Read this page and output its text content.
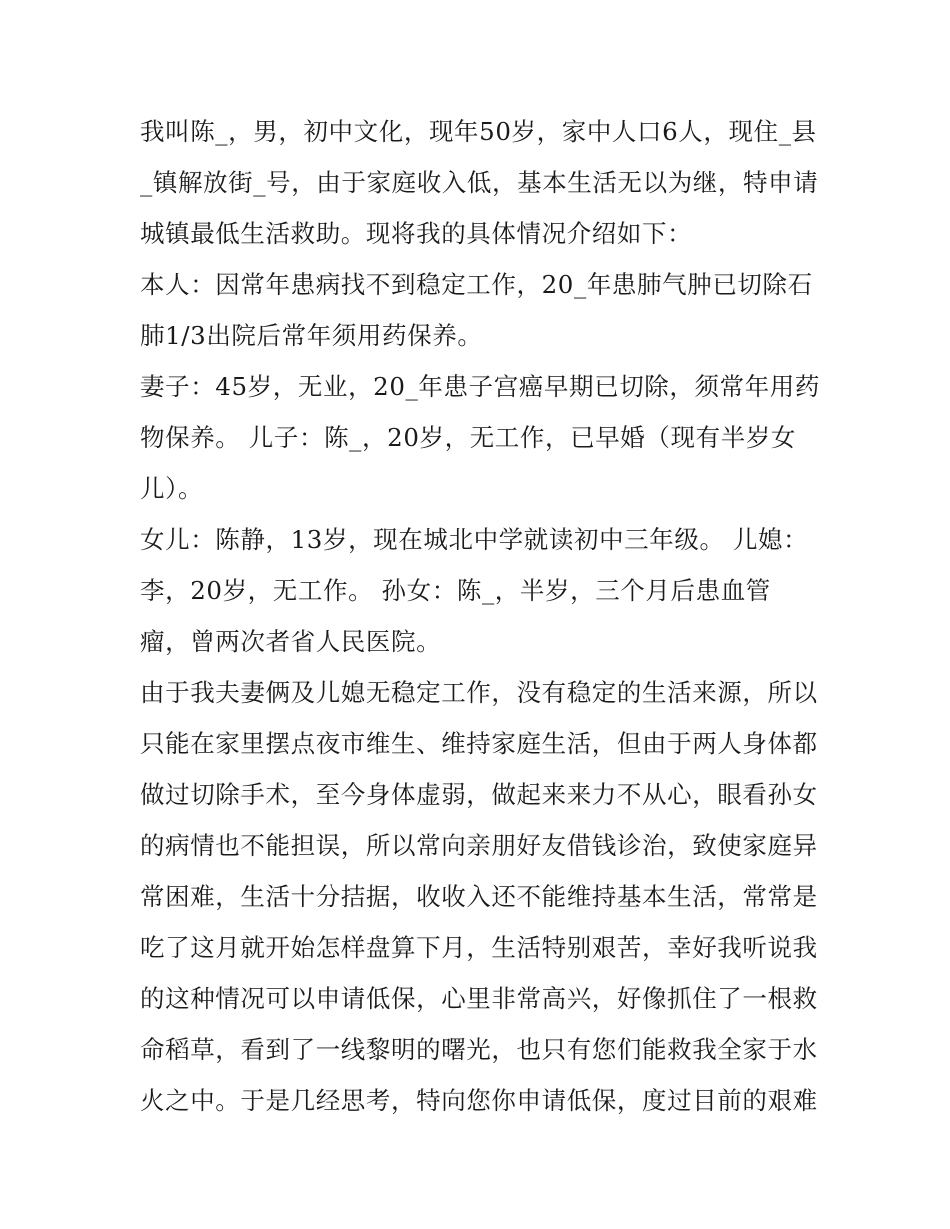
我叫陈_，男，初中文化，现年50岁，家中人口6人，现住_县_镇解放街_号，由于家庭收入低，基本生活无以为继，特申请城镇最低生活救助。现将我的具体情况介绍如下：

本人：因常年患病找不到稳定工作，20_年患肺气肿已切除石肺1/3出院后常年须用药保养。

妻子：45岁，无业，20_年患子宫癌早期已切除，须常年用药物保养。 儿子：陈_，20岁，无工作，已早婚（现有半岁女儿）。

女儿：陈静，13岁，现在城北中学就读初中三年级。 儿媳：李，20岁，无工作。 孙女：陈_，半岁，三个月后患血管瘤，曾两次者省人民医院。

由于我夫妻俩及儿媳无稳定工作，没有稳定的生活来源，所以只能在家里摆点夜市维生、维持家庭生活，但由于两人身体都做过切除手术，至今身体虚弱，做起来来力不从心，眼看孙女的病情也不能担误，所以常向亲朋好友借钱诊治，致使家庭异常困难，生活十分拮据，收收入还不能维持基本生活，常常是吃了这月就开始怎样盘算下月，生活特别艰苦，幸好我听说我的这种情况可以申请低保，心里非常高兴，好像抓住了一根救命稻草，看到了一线黎明的曙光，也只有您们能救我全家于水火之中。于是几经思考，特向您你申请低保，度过目前的艰难
